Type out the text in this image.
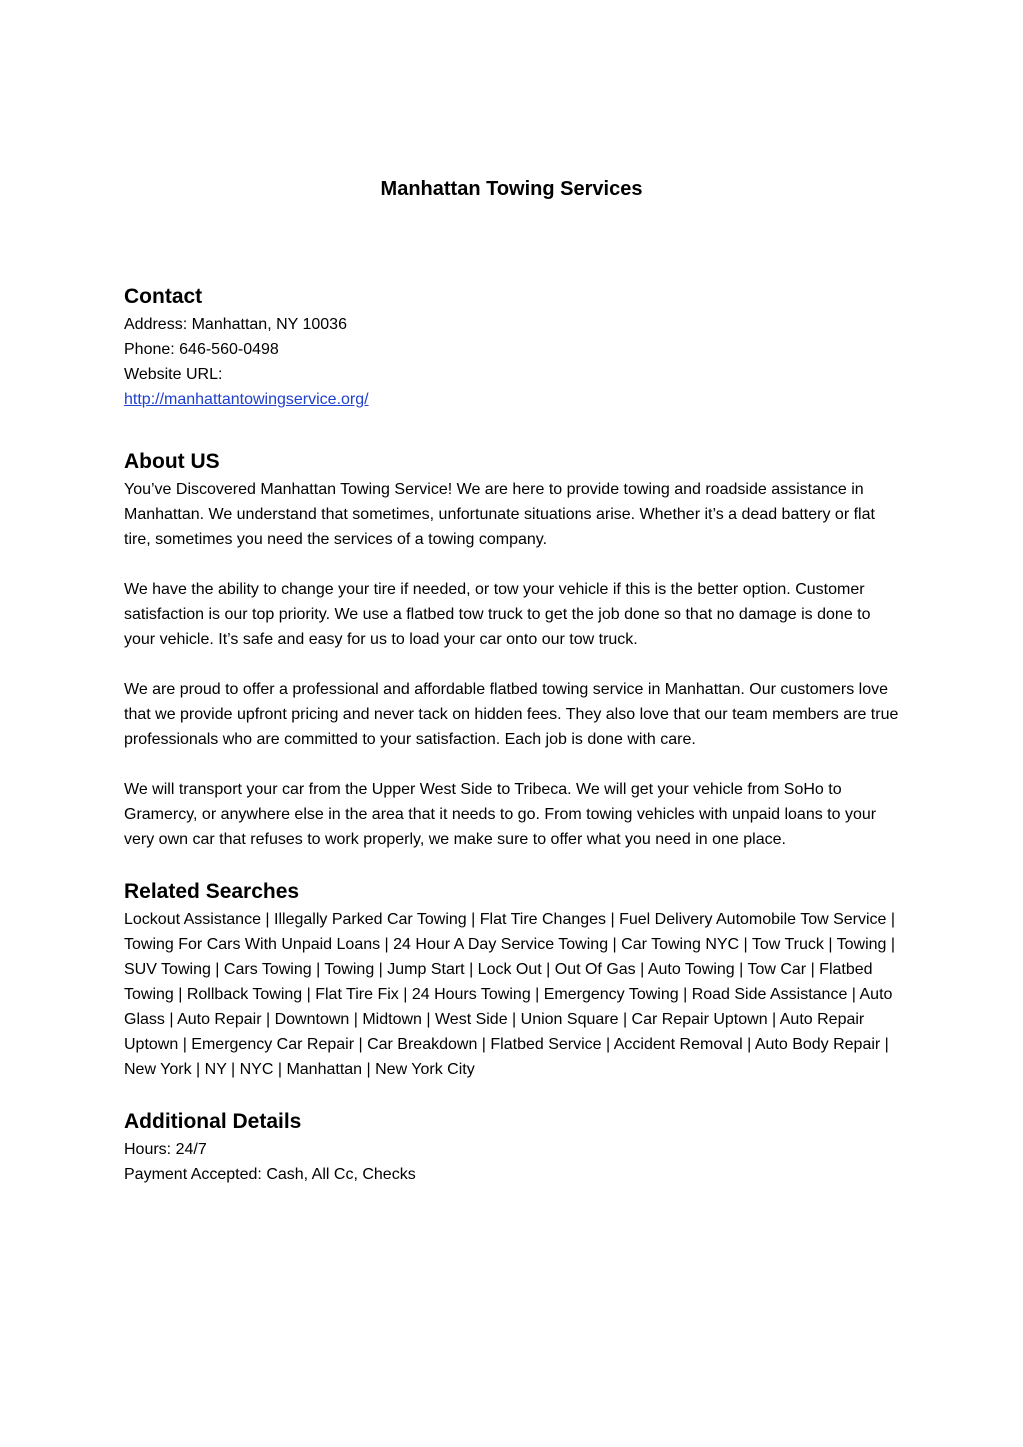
Manhattan Towing Services
Contact
Address: Manhattan, NY 10036
Phone: 646-560-0498
Website URL:
http://manhattantowingservice.org/
About US

You’ve Discovered Manhattan Towing Service! We are here to provide towing and roadside assistance in Manhattan. We understand that sometimes, unfortunate situations arise. Whether it’s a dead battery or flat tire, sometimes you need the services of a towing company.

We have the ability to change your tire if needed, or tow your vehicle if this is the better option. Customer satisfaction is our top priority. We use a flatbed tow truck to get the job done so that no damage is done to your vehicle. It’s safe and easy for us to load your car onto our tow truck.

We are proud to offer a professional and affordable flatbed towing service in Manhattan. Our customers love that we provide upfront pricing and never tack on hidden fees. They also love that our team members are true professionals who are committed to your satisfaction. Each job is done with care.

We will transport your car from the Upper West Side to Tribeca. We will get your vehicle from SoHo to Gramercy, or anywhere else in the area that it needs to go. From towing vehicles with unpaid loans to your very own car that refuses to work properly, we make sure to offer what you need in one place.

Related Searches

Lockout Assistance | Illegally Parked Car Towing | Flat Tire Changes | Fuel Delivery Automobile Tow Service | Towing For Cars With Unpaid Loans | 24 Hour A Day Service Towing | Car Towing NYC | Tow Truck | Towing | SUV Towing | Cars Towing | Towing | Jump Start | Lock Out | Out Of Gas | Auto Towing | Tow Car | Flatbed Towing | Rollback Towing | Flat Tire Fix | 24 Hours Towing | Emergency Towing | Road Side Assistance | Auto Glass | Auto Repair | Downtown | Midtown | West Side | Union Square | Car Repair Uptown | Auto Repair Uptown | Emergency Car Repair | Car Breakdown | Flatbed Service | Accident Removal | Auto Body Repair | New York | NY | NYC | Manhattan | New York City

Additional Details
Hours: 24/7
Payment Accepted: Cash, All Cc, Checks
